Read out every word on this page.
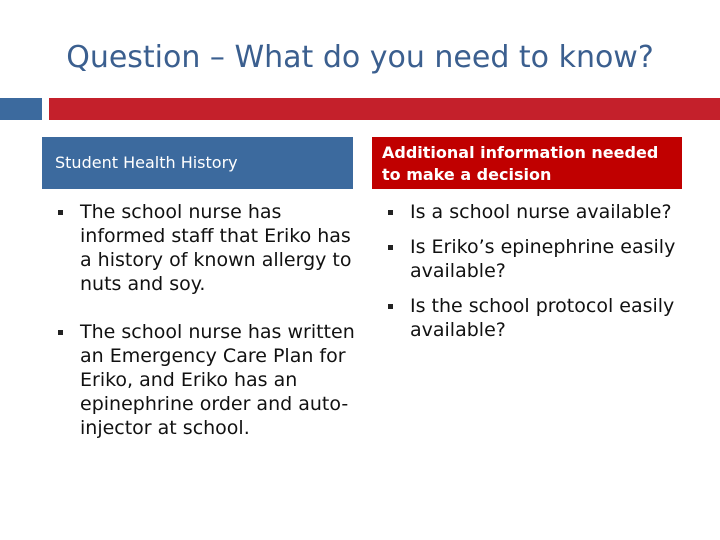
Question – What do you need to know?
Student Health History
Additional information needed to make a decision
The school nurse has informed staff that Eriko has a history of known allergy to nuts and soy.
The school nurse has written an Emergency Care Plan for Eriko, and Eriko has an epinephrine order and auto-injector at school.
Is a school nurse available?
Is Eriko’s epinephrine easily available?
Is the school protocol easily available?
